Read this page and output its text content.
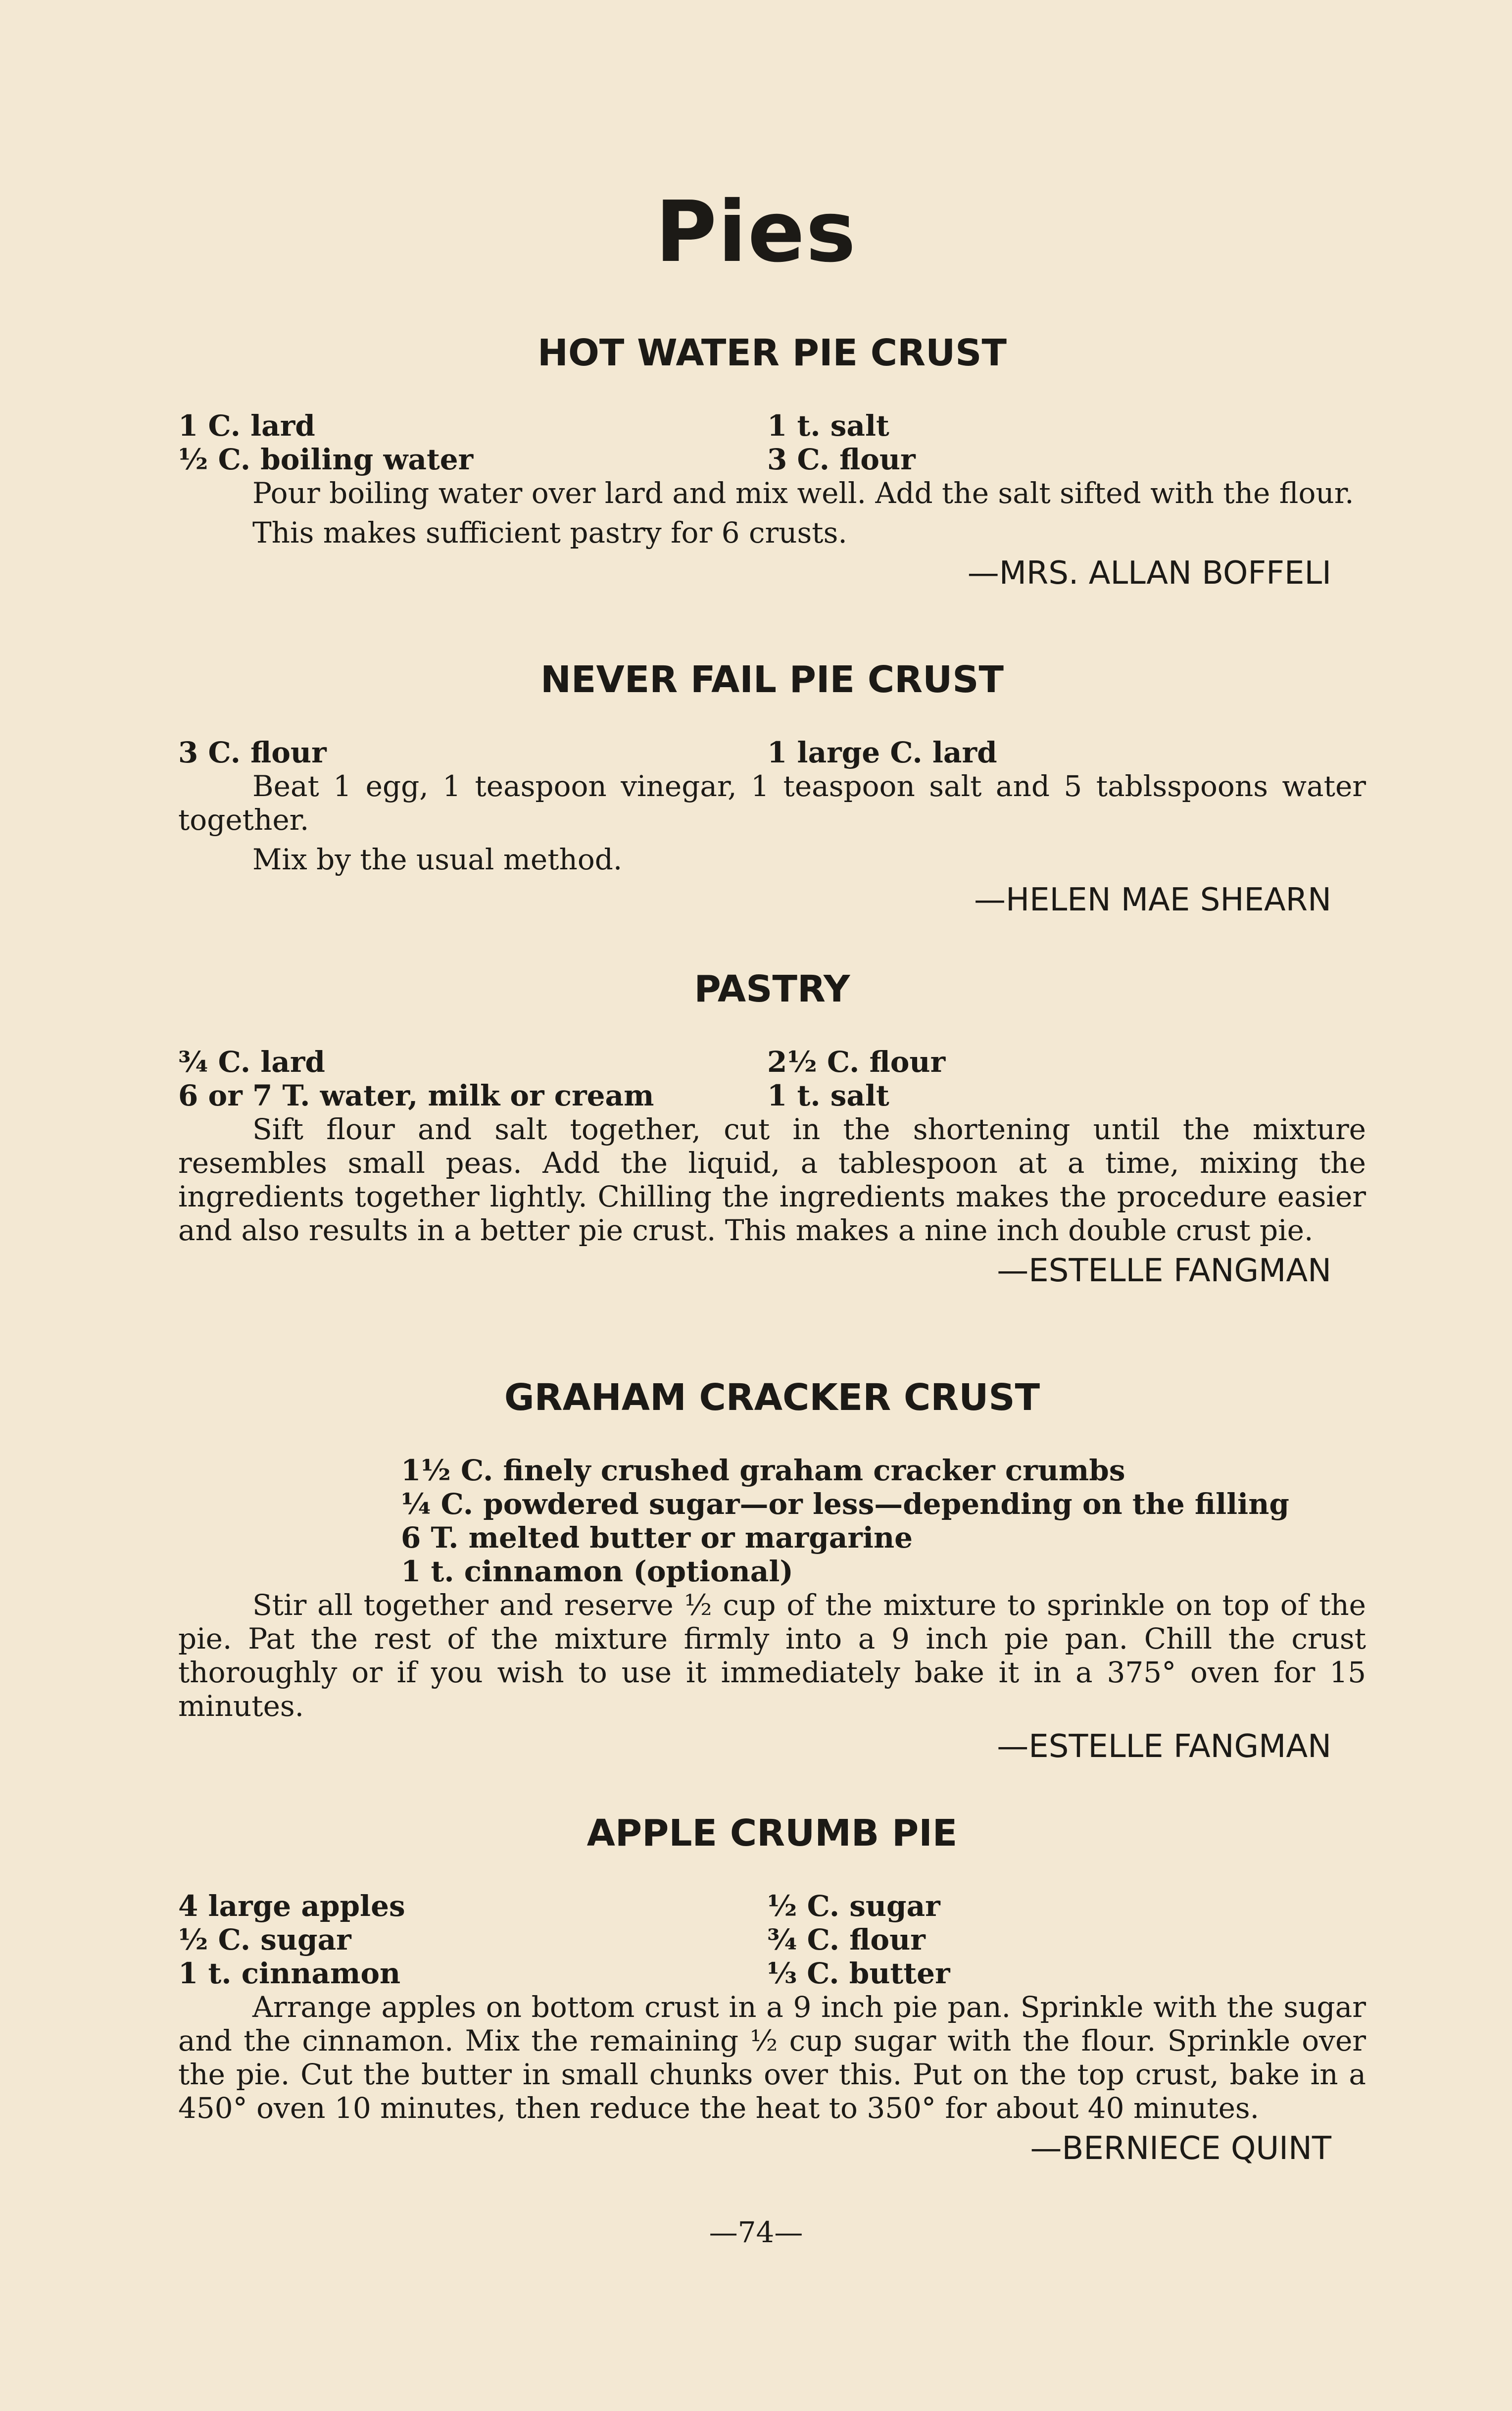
Pies
HOT WATER PIE CRUST
1 C. lard	1 t. salt
½ C. boiling water	3 C. flour

Pour boiling water over lard and mix well. Add the salt sifted with the flour.

This makes sufficient pastry for 6 crusts.

—MRS. ALLAN BOFFELI
NEVER FAIL PIE CRUST
3 C. flour	1 large C. lard

Beat 1 egg, 1 teaspoon vinegar, 1 teaspoon salt and 5 tablsspoons water together.

Mix by the usual method.

—HELEN MAE SHEARN
PASTRY
¾ C. lard	2½ C. flour
6 or 7 T. water, milk or cream	1 t. salt

Sift flour and salt together, cut in the shortening until the mixture resembles small peas. Add the liquid, a tablespoon at a time, mixing the ingredients together lightly. Chilling the ingredients makes the procedure easier and also results in a better pie crust. This makes a nine inch double crust pie.

—ESTELLE FANGMAN
GRAHAM CRACKER CRUST
1½ C. finely crushed graham cracker crumbs
¼ C. powdered sugar—or less—depending on the filling
6 T. melted butter or margarine
1 t. cinnamon (optional)

Stir all together and reserve ½ cup of the mixture to sprinkle on top of the pie. Pat the rest of the mixture firmly into a 9 inch pie pan. Chill the crust thoroughly or if you wish to use it immediately bake it in a 375° oven for 15 minutes.

—ESTELLE FANGMAN
APPLE CRUMB PIE
4 large apples	½ C. sugar
½ C. sugar	¾ C. flour
1 t. cinnamon	⅓ C. butter

Arrange apples on bottom crust in a 9 inch pie pan. Sprinkle with the sugar and the cinnamon. Mix the remaining ½ cup sugar with the flour. Sprinkle over the pie. Cut the butter in small chunks over this. Put on the top crust, bake in a 450° oven 10 minutes, then reduce the heat to 350° for about 40 minutes.

—BERNIECE QUINT
—74—
